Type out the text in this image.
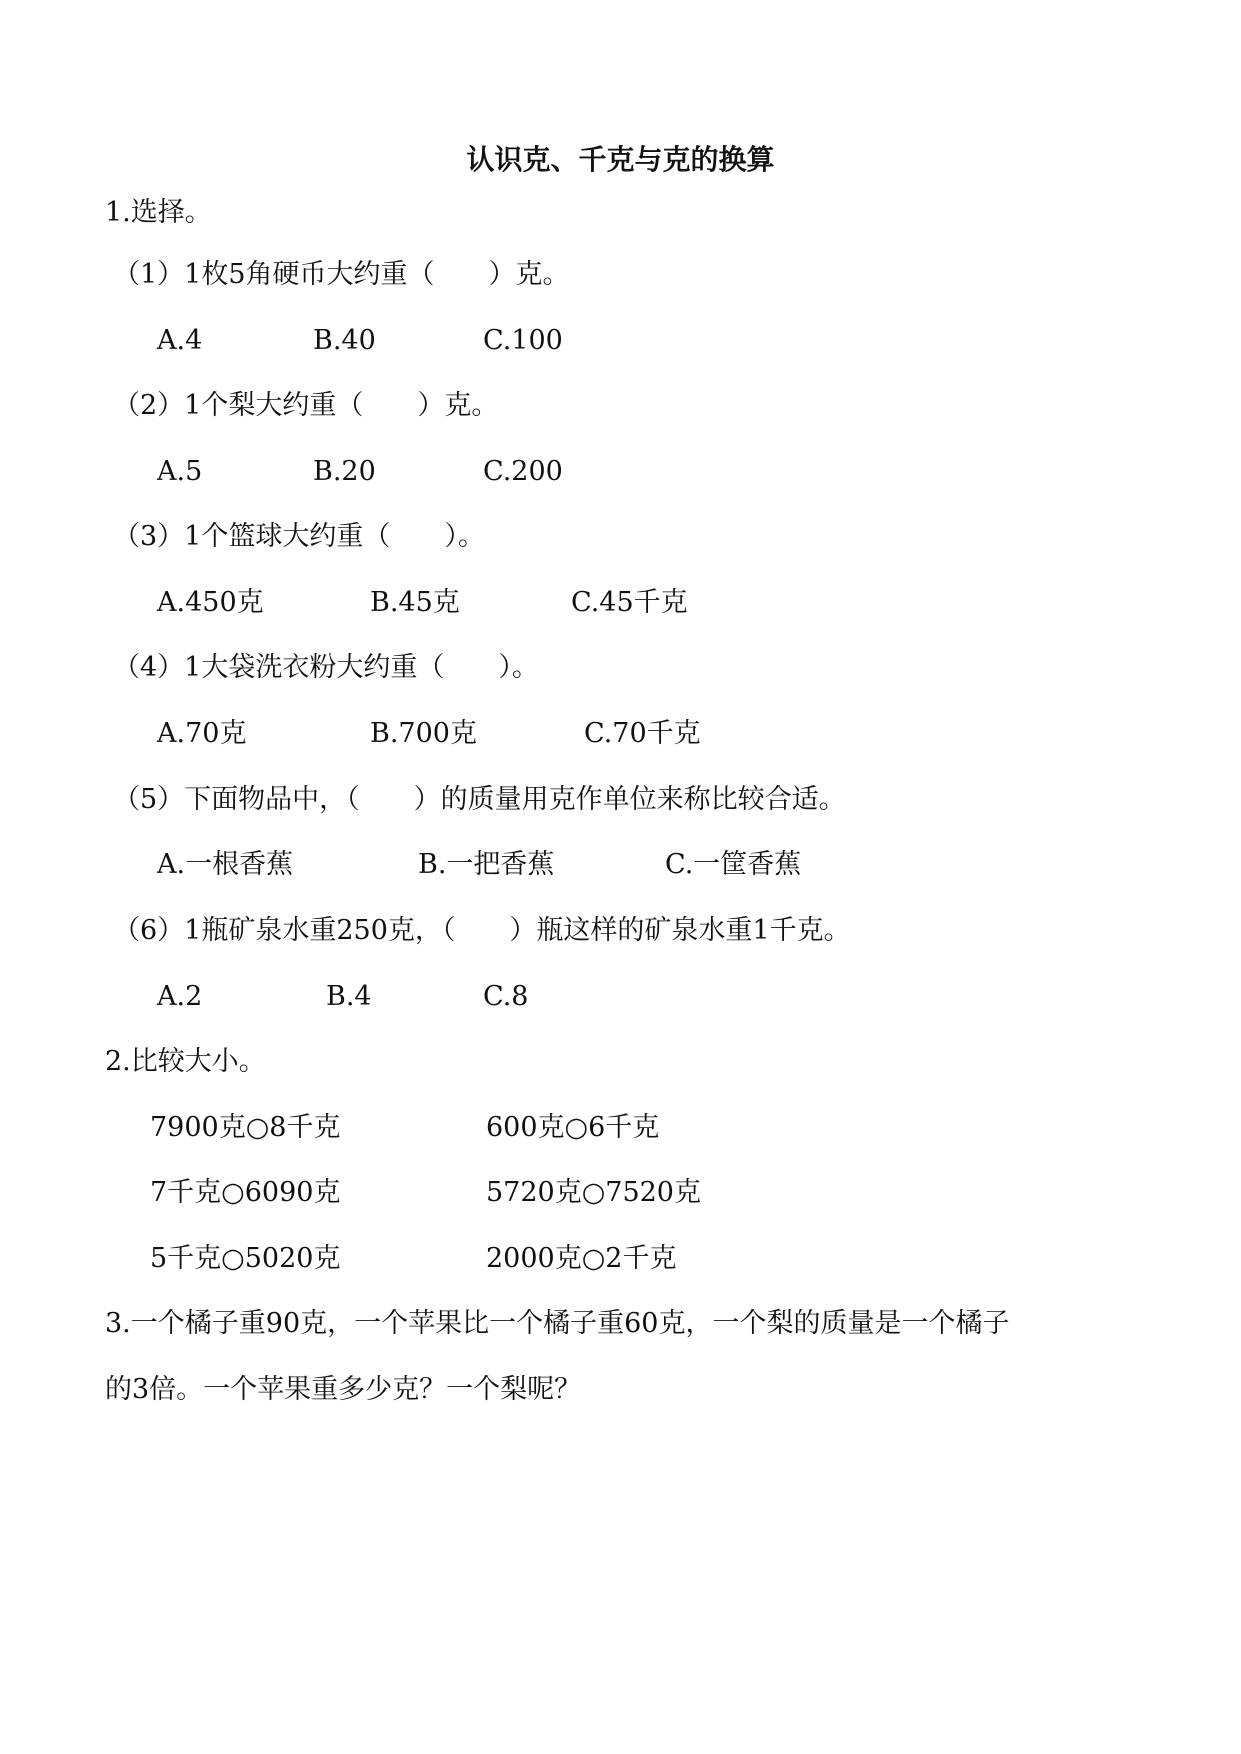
认识克、千克与克的换算
1.选择。
（1）1枚5角硬币大约重（　　）克。
A.4	B.40	C.100
（2）1个梨大约重（　　）克。
A.5	B.20	C.200
（3）1个篮球大约重（　　）。
A.450克	B.45克	C.45千克
（4）1大袋洗衣粉大约重（　　）。
A.70克	B.700克	C.70千克
（5）下面物品中，（　　）的质量用克作单位来称比较合适。
A.一根香蕉	B.一把香蕉	C.一筐香蕉
（6）1瓶矿泉水重250克，（　　）瓶这样的矿泉水重1千克。
A.2	B.4	C.8
2.比较大小。
7900克○8千克	600克○6千克
7千克○6090克	5720克○7520克
5千克○5020克	2000克○2千克
3.一个橘子重90克，一个苹果比一个橘子重60克，一个梨的质量是一个橘子
的3倍。一个苹果重多少克？一个梨呢？
